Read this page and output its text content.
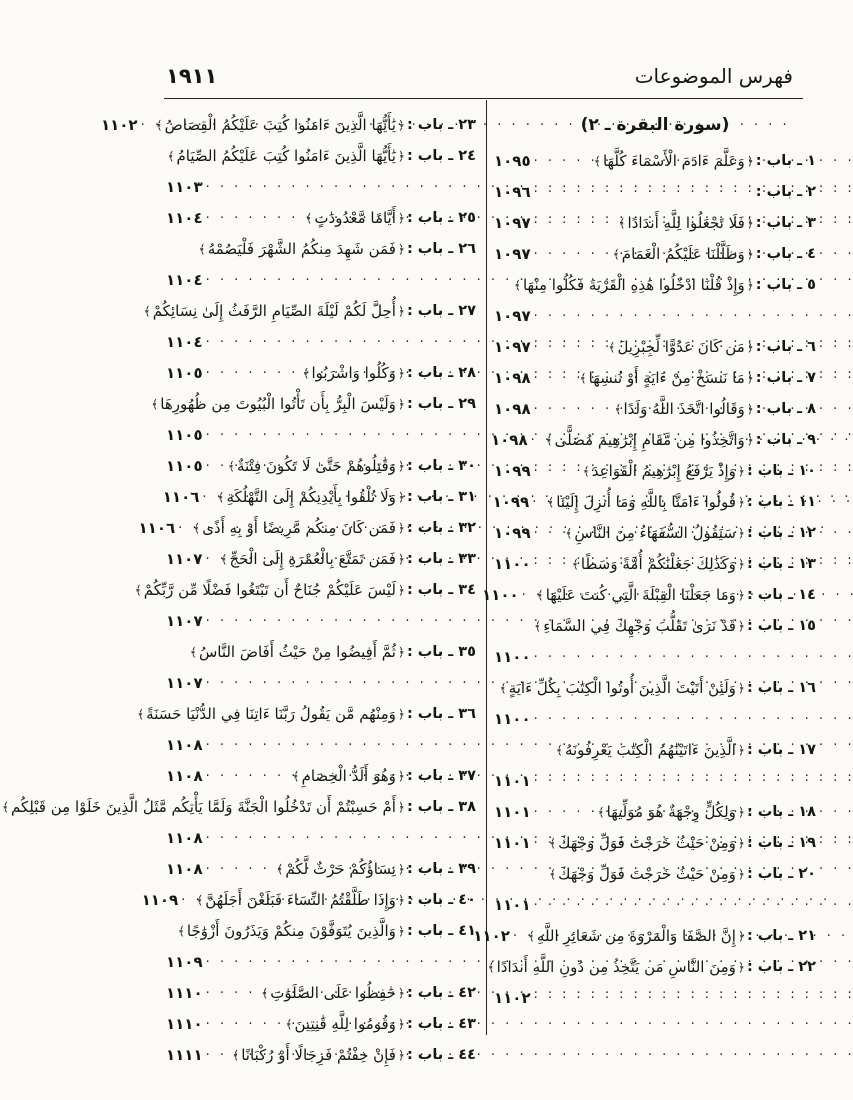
فهرس الموضوعات
١٩١١
(سورة البقرة ـ ٢)
١ ـ باب :
﴿
وَعَلَّمَ ءَادَمَ الْأَسْمَاءَ كُلَّهَا
﴾
· · ·
١٠٩٥
٢ ـ باب :
· · ·
١٠٩٦
٣ ـ باب :
﴿
فَلَا تَجْعَلُوا لِلَّهِ أَندَادًا
﴾
· · ·
١٠٩٧
٤ ـ باب :
﴿
وَظَلَّلْنَا عَلَيْكُمُ الْغَمَامَ
﴾
· · ·
١٠٩٧
٥ ـ باب :
﴿
وَإِذْ قُلْنَا ادْخُلُوا هَٰذِهِ الْقَرْيَةَ فَكُلُوا مِنْهَا
﴾
· · ·
١٠٩٧
٦ ـ باب :
﴿
مَن كَانَ عَدُوًّا لِّجِبْرِيلَ
﴾
· · ·
١٠٩٧
٧ ـ باب :
﴿
مَا نَنسَخْ مِنْ ءَايَةٍ أَوْ نُنسِهَا
﴾
· · ·
١٠٩٨
٨ ـ باب :
﴿
وَقَالُوا اتَّخَذَ اللَّهُ وَلَدًا
﴾
· · ·
١٠٩٨
٩ ـ باب :
﴿
وَاتَّخِذُوا مِن مَّقَامِ إِبْرَٰهِيمَ مُصَلًّى
﴾
· · ·
١٠٩٨
١٠ ـ باب :
﴿
وَإِذْ يَرْفَعُ إِبْرَٰهِيمُ الْقَوَاعِدَ
﴾
· · ·
١٠٩٩
١١ ـ باب :
﴿
قُولُوا ءَامَنَّا بِاللَّهِ وَمَا أُنزِلَ إِلَيْنَا
﴾
· · ·
١٠٩٩
١٢ ـ باب :
﴿
سَيَقُولُ السُّفَهَاءُ مِنَ النَّاسِ
﴾
· · ·
١٠٩٩
١٣ ـ باب :
﴿
وَكَذَٰلِكَ جَعَلْنَٰكُمْ أُمَّةً وَسَطًا
﴾
· · ·
١١٠٠
١٤ ـ باب :
﴿
وَمَا جَعَلْنَا الْقِبْلَةَ الَّتِي كُنتَ عَلَيْهَا
﴾
· · ·
١١٠٠
١٥ ـ باب :
﴿
قَدْ نَرَىٰ تَقَلُّبَ وَجْهِكَ فِي السَّمَاءِ
﴾
· · ·
١١٠٠
١٦ ـ باب :
﴿
وَلَئِنْ أَتَيْتَ الَّذِينَ أُوتُوا الْكِتَٰبَ بِكُلِّ ءَايَةٍ
﴾
· · ·
١١٠٠
١٧ ـ باب :
﴿
الَّذِينَ ءَاتَيْنَٰهُمُ الْكِتَٰبَ يَعْرِفُونَهُ
﴾
· · ·
١١٠١
١٨ ـ باب :
﴿
وَلِكُلٍّ وِجْهَةٌ هُوَ مُوَلِّيهَا
﴾
· · ·
١١٠١
١٩ ـ باب :
﴿
وَمِنْ حَيْثُ خَرَجْتَ فَوَلِّ وَجْهَكَ
﴾
· · ·
١١٠١
٢٠ ـ باب :
﴿
وَمِنْ حَيْثُ خَرَجْتَ فَوَلِّ وَجْهَكَ
﴾
· · ·
١١٠١
٢١ ـ باب :
﴿
إِنَّ الصَّفَا وَالْمَرْوَةَ مِن شَعَائِرِ اللَّهِ
﴾
· · ·
١١٠٢
٢٢ ـ باب :
﴿
وَمِنَ النَّاسِ مَن يَتَّخِذُ مِن دُونِ اللَّهِ أَندَادًا
﴾
· · ·
١١٠٢
٢٣ ـ باب :
﴿
يَٰأَيُّهَا الَّذِينَ ءَامَنُوا كُتِبَ عَلَيْكُمُ الْقِصَاصُ
﴾
· · ·
١١٠٢
٢٤ ـ باب :
﴿
يَٰأَيُّهَا الَّذِينَ ءَامَنُوا كُتِبَ عَلَيْكُمُ الصِّيَامُ
﴾
· · ·
١١٠٣
٢٥ ـ باب :
﴿
أَيَّامًا مَّعْدُودَٰتٍ
﴾
· · ·
١١٠٤
٢٦ ـ باب :
﴿
فَمَن شَهِدَ مِنكُمُ الشَّهْرَ فَلْيَصُمْهُ
﴾
· · ·
١١٠٤
٢٧ ـ باب :
﴿
أُحِلَّ لَكُمْ لَيْلَةَ الصِّيَامِ الرَّفَثُ إِلَىٰ نِسَائِكُمْ
﴾
· · ·
١١٠٤
٢٨ ـ باب :
﴿
وَكُلُوا وَاشْرَبُوا
﴾
· · ·
١١٠٥
٢٩ ـ باب :
﴿
وَلَيْسَ الْبِرُّ بِأَن تَأْتُوا الْبُيُوتَ مِن ظُهُورِهَا
﴾
· · ·
١١٠٥
٣٠ ـ باب :
﴿
وَقَٰتِلُوهُمْ حَتَّىٰ لَا تَكُونَ فِتْنَةٌ
﴾
· · ·
١١٠٥
٣١ ـ باب :
﴿
وَلَا تُلْقُوا بِأَيْدِيكُمْ إِلَى التَّهْلُكَةِ
﴾
· · ·
١١٠٦
٣٢ ـ باب :
﴿
فَمَن كَانَ مِنكُم مَّرِيضًا أَوْ بِهِ أَذًى
﴾
· · ·
١١٠٦
٣٣ ـ باب :
﴿
فَمَن تَمَتَّعَ بِالْعُمْرَةِ إِلَى الْحَجِّ
﴾
· · ·
١١٠٧
٣٤ ـ باب :
﴿
لَيْسَ عَلَيْكُمْ جُنَاحٌ أَن تَبْتَغُوا فَضْلًا مِّن رَّبِّكُمْ
﴾
· · ·
١١٠٧
٣٥ ـ باب :
﴿
ثُمَّ أَفِيضُوا مِنْ حَيْثُ أَفَاضَ النَّاسُ
﴾
· · ·
١١٠٧
٣٦ ـ باب :
﴿
وَمِنْهُم مَّن يَقُولُ رَبَّنَا ءَاتِنَا فِي الدُّنْيَا حَسَنَةً
﴾
· · ·
١١٠٨
٣٧ ـ باب :
﴿
وَهُوَ أَلَدُّ الْخِصَامِ
﴾
· · ·
١١٠٨
٣٨ ـ باب :
﴿
أَمْ حَسِبْتُمْ أَن تَدْخُلُوا الْجَنَّةَ وَلَمَّا يَأْتِكُم مَّثَلُ الَّذِينَ خَلَوْا مِن قَبْلِكُم
﴾
· · ·
١١٠٨
٣٩ ـ باب :
﴿
نِسَاؤُكُمْ حَرْثٌ لَّكُمْ
﴾
· · ·
١١٠٨
٤٠ ـ باب :
﴿
وَإِذَا طَلَّقْتُمُ النِّسَاءَ فَبَلَغْنَ أَجَلَهُنَّ
﴾
· · ·
١١٠٩
٤١ ـ باب :
﴿
وَالَّذِينَ يُتَوَفَّوْنَ مِنكُمْ وَيَذَرُونَ أَزْوَٰجًا
﴾
· · ·
١١٠٩
٤٢ ـ باب :
﴿
حَٰفِظُوا عَلَى الصَّلَوَٰتِ
﴾
· · ·
١١١٠
٤٣ ـ باب :
﴿
وَقُومُوا لِلَّهِ قَٰنِتِينَ
﴾
· · ·
١١١٠
٤٤ ـ باب :
﴿
فَإِنْ خِفْتُمْ فَرِجَالًا أَوْ رُكْبَانًا
﴾
· · ·
١١١١
